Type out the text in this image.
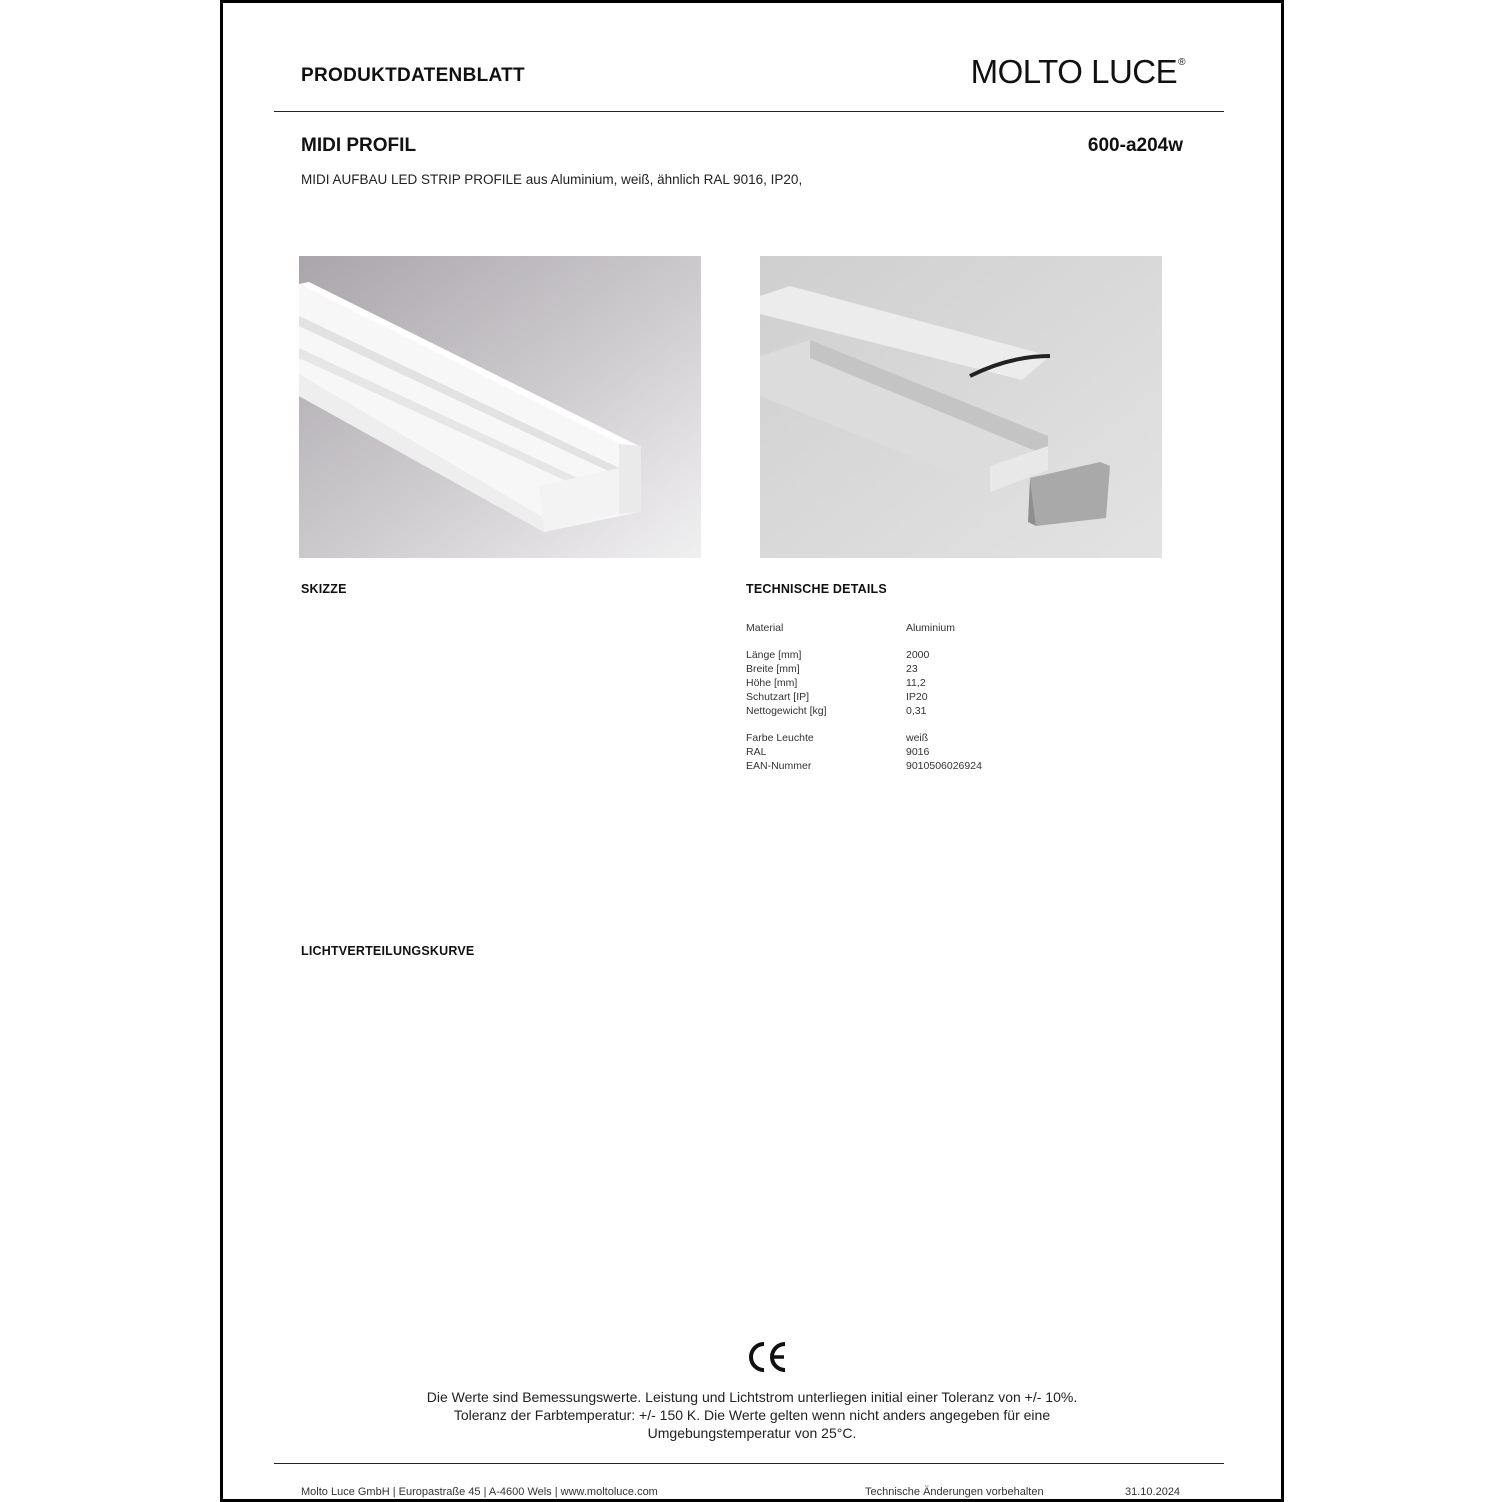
PRODUKTDATENBLATT	MOLTO LUCE®
MIDI PROFIL	600-a204w
MIDI AUFBAU LED STRIP PROFILE aus Aluminium, weiß, ähnlich RAL 9016, IP20,
SKIZZE	TECHNISCHE DETAILS
Material	Aluminium
Länge [mm]	2000
Breite [mm]	23
Höhe [mm]	11,2
Schutzart [IP]	IP20
Nettogewicht [kg]	0,31
Farbe Leuchte	weiß
RAL	9016
EAN-Nummer	9010506026924
LICHTVERTEILUNGSKURVE
Die Werte sind Bemessungswerte. Leistung und Lichtstrom unterliegen initial einer Toleranz von +/- 10%.
Toleranz der Farbtemperatur: +/- 150 K. Die Werte gelten wenn nicht anders angegeben für eine
Umgebungstemperatur von 25°C.
Molto Luce GmbH | Europastraße 45 | A-4600 Wels | www.moltoluce.com	Technische Änderungen vorbehalten	31.10.2024
